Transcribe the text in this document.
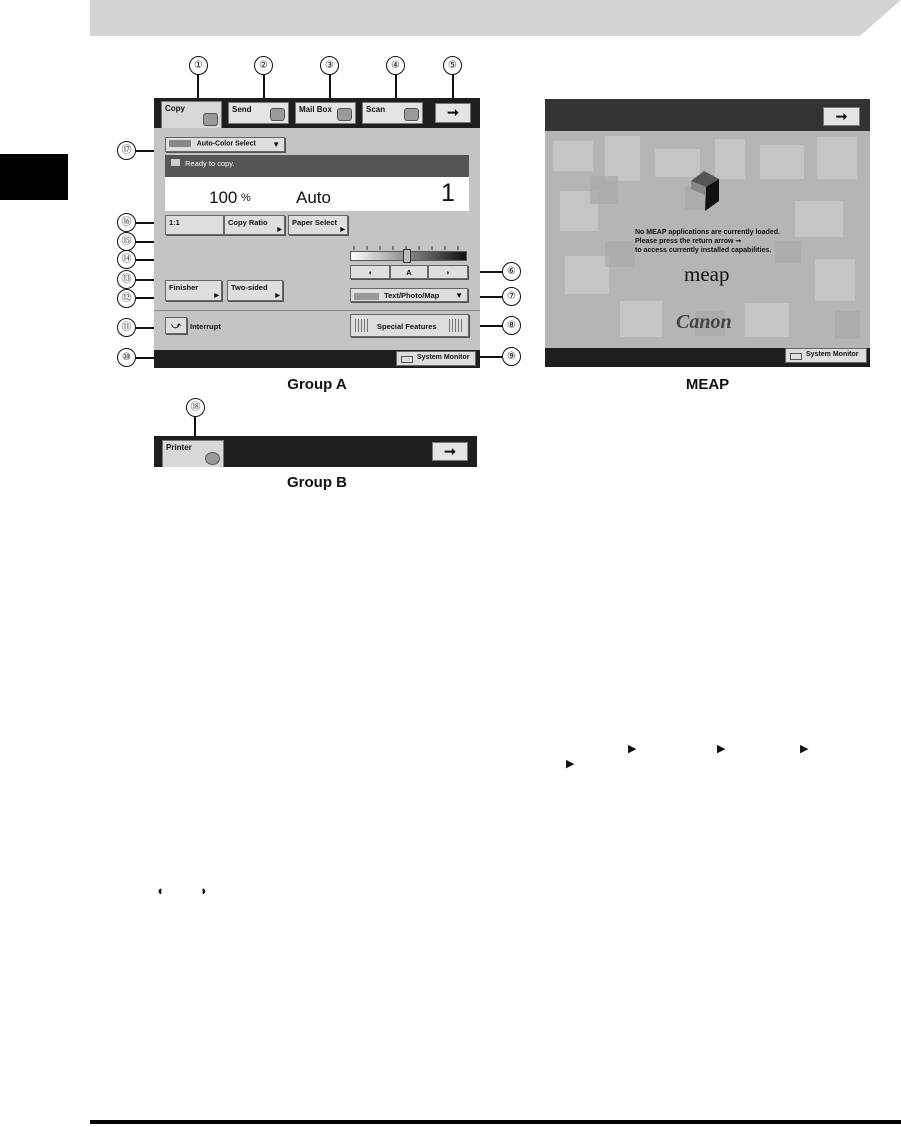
①	②	③	④	⑤
⑰
⑯
⑮
⑭
⑬
⑫
⑪
⑩
⑥
⑦
⑧
⑨
Copy	Send	Mail Box	Scan	➞
Auto-Color Select ▼
Ready to copy.
100 %	Auto	1
1:1	Copy Ratio
▶
Paper Select
▶
◖	A	◗
Finisher
▶
Two-sided
▶	Text/Photo/Map ▼
⤻	Interrupt	Special Features
System Monitor
Group A
⑱
Printer	➞
Group B
➞
No MEAP applications are currently loaded.
Please press the return arrow ➞
to access currently installed capabilities.
meap
Canon
System Monitor
MEAP
▶	▶	▶
▶
◖	◗
